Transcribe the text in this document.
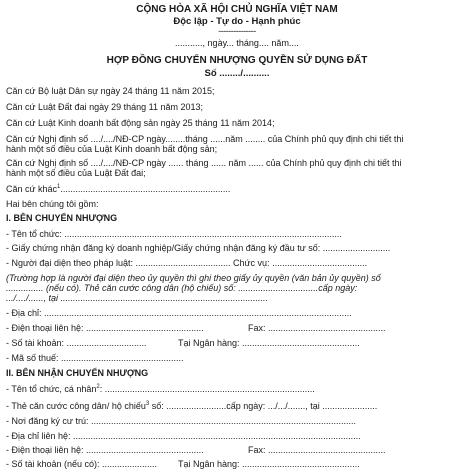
CỘNG HÒA XÃ HỘI CHỦ NGHĨA VIỆT NAM
Độc lập - Tự do - Hạnh phúc
---------------
..........., ngày... tháng.... năm....
HỢP ĐỒNG CHUYỂN NHƯỢNG QUYỀN SỬ DỤNG ĐẤT
Số ......../..........
Căn cứ Bộ luật Dân sự ngày 24 tháng 11 năm 2015;
Căn cứ Luật Đất đai ngày 29 tháng 11 năm 2013;
Căn cứ Luật Kinh doanh bất động sản ngày 25 tháng 11 năm 2014;
Căn cứ Nghị định số ..../..../NĐ-CP ngày........tháng ......năm ........ của Chính phủ quy định chi tiết thi
hành một số điều của Luật Kinh doanh bất động sản;
Căn cứ Nghị định số ..../..../NĐ-CP ngày ...... tháng ...... năm ...... của Chính phủ quy định chi tiết thi
hành một số điều của Luật Đất đai;
Căn cứ khác$^1$....................................................................
Hai bên chúng tôi gồm:
I. BÊN CHUYỂN NHƯỢNG
- Tên tổ chức: ...............................................................................................................
- Giấy chứng nhận đăng ký doanh nghiệp/Giấy chứng nhận đăng ký đầu tư số: ...........................
- Người đại diện theo pháp luật: ...................................... Chức vụ: ......................................
(Trường hợp là người đại diện theo ủy quyền thì ghi theo giấy ủy quyền (văn bản ủy quyền) số
............... (nếu có). Thẻ căn cước công dân (hộ chiếu) số: ................................cấp ngày:
.../..../......, tại ...................................................................................
- Địa chỉ: ...........................................................................................................................
- Điện thoại liên hệ: ...............................................	Fax: ...............................................
- Số tài khoản: ................................	Tại Ngân hàng: ...............................................
- Mã số thuế: .................................................
II. BÊN NHẬN CHUYỂN NHƯỢNG
- Tên tổ chức, cá nhân$^2$: ....................................................................................
- Thẻ căn cước công dân/ hộ chiếu$^3$ số: ........................cấp ngày: .../.../......., tại ......................
- Nơi đăng ký cư trú: ..........................................................................................................
- Địa chỉ liên hệ: ...................................................................................................................
- Điện thoại liên hệ: ...............................................	Fax: ...............................................
- Số tài khoản (nếu có): ...................... Tại Ngân hàng: ...............................................
